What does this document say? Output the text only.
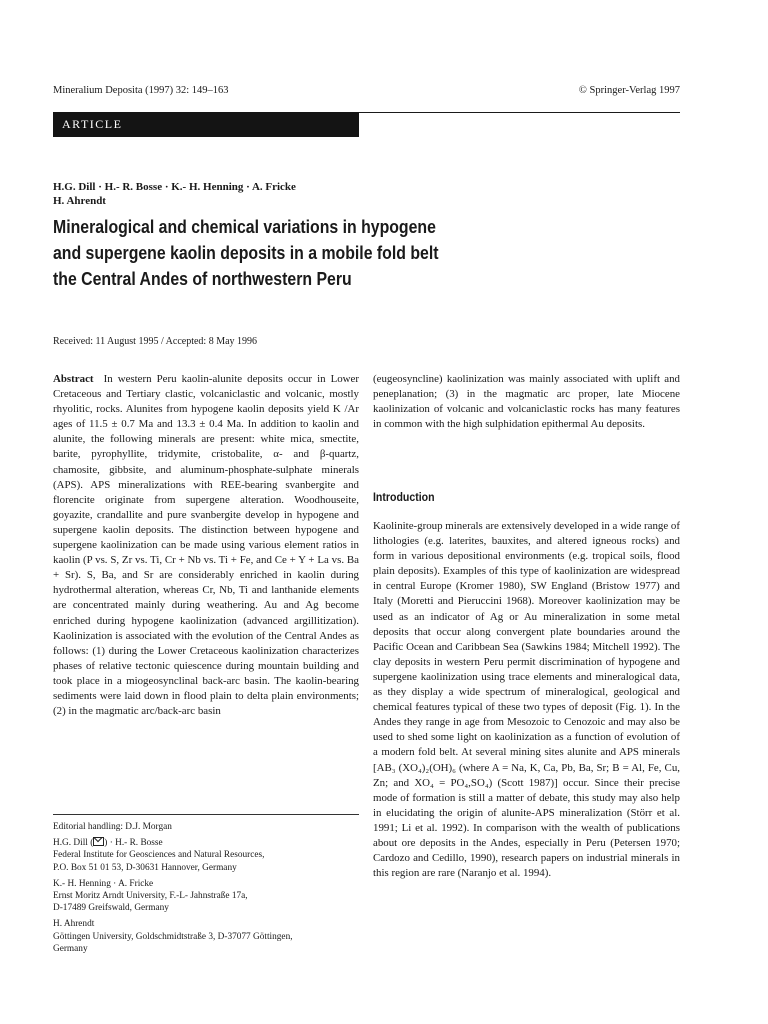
Mineralium Deposita (1997) 32: 149–163	© Springer-Verlag 1997
ARTICLE
H.G. Dill · H.- R. Bosse · K.- H. Henning · A. Fricke
H. Ahrendt
Mineralogical and chemical variations in hypogene
and supergene kaolin deposits in a mobile fold belt
the Central Andes of northwestern Peru
Received: 11 August 1995 / Accepted: 8 May 1996

Abstract In western Peru kaolin-alunite deposits occur in Lower Cretaceous and Tertiary clastic, volcaniclastic and volcanic, mostly rhyolitic, rocks. Alunites from hypogene kaolin deposits yield K /Ar ages of 11.5 ± 0.7 Ma and 13.3 ± 0.4 Ma. In addition to kaolin and alunite, the following minerals are present: white mica, smectite, barite, pyrophyllite, tridymite, cristobalite, α- and β-quartz, chamosite, gibbsite, and aluminum-phosphate-sulphate minerals (APS). APS mineralizations with REE-bearing svanbergite and florencite originate from supergene alteration. Woodhouseite, goyazite, crandallite and pure svanbergite develop in hypogene and supergene kaolin deposits. The distinction between hypogene and supergene kaolinization can be made using various element ratios in kaolin (P vs. S, Zr vs. Ti, Cr + Nb vs. Ti + Fe, and Ce + Y + La vs. Ba + Sr). S, Ba, and Sr are considerably enriched in kaolin during hydrothermal alteration, whereas Cr, Nb, Ti and lanthanide elements are concentrated mainly during weathering. Au and Ag become enriched during hypogene kaolinization (advanced argillitization). Kaolinization is associated with the evolution of the Central Andes as follows: (1) during the Lower Cretaceous kaolinization characterizes phases of relative tectonic quiescence during mountain building and took place in a miogeosynclinal back-arc basin. The kaolin-bearing sediments were laid down in flood plain to delta plain environments; (2) in the magmatic arc/back-arc basin

(eugeosyncline) kaolinization was mainly associated with uplift and peneplanation; (3) in the magmatic arc proper, late Miocene kaolinization of volcanic and volcaniclastic rocks has many features in common with the high sulphidation epithermal Au deposits.

Introduction

Kaolinite-group minerals are extensively developed in a wide range of lithologies (e.g. laterites, bauxites, and altered igneous rocks) and form in various depositional environments (e.g. tropical soils, flood plain deposits). Examples of this type of kaolinization are widespread in central Europe (Kromer 1980), SW England (Bristow 1977) and Italy (Moretti and Pieruccini 1968). Moreover kaolinization may be used as an indicator of Ag or Au mineralization in some metal deposits that occur along convergent plate boundaries around the Pacific Ocean and Caribbean Sea (Sawkins 1984; Mitchell 1992). The clay deposits in western Peru permit discrimination of hypogene and supergene kaolinization using trace elements and mineralogical data, as they display a wide spectrum of mineralogical, geological and chemical features typical of these two types of deposit (Fig. 1). In the Andes they range in age from Mesozoic to Cenozoic and may also be used to shed some light on kaolinization as a function of evolution of a modern fold belt. At several mining sites alunite and APS minerals [AB₃ (XO₄)₂(OH)₆ (where A = Na, K, Ca, Pb, Ba, Sr; B = Al, Fe, Cu, Zn; and XO₄ = PO₄,SO₄) (Scott 1987)] occur. Since their precise mode of formation is still a matter of debate, this study may also help in elucidating the origin of alunite-APS mineralization (Störr et al. 1991; Li et al. 1992). In comparison with the wealth of publications about ore deposits in the Andes, especially in Peru (Petersen 1970; Cardozo and Cedillo, 1990), research papers on industrial minerals in this region are rare (Naranjo et al. 1994).

Editorial handling: D.J. Morgan
H.G. Dill ( ) · H.- R. Bosse
Federal Institute for Geosciences and Natural Resources,
P.O. Box 51 01 53, D-30631 Hannover, Germany
K.- H. Henning · A. Fricke
Ernst Moritz Arndt University, F.-L- Jahnstraße 17a,
D-17489 Greifswald, Germany
H. Ahrendt
Göttingen University, Goldschmidtstraße 3, D-37077 Göttingen,
Germany
